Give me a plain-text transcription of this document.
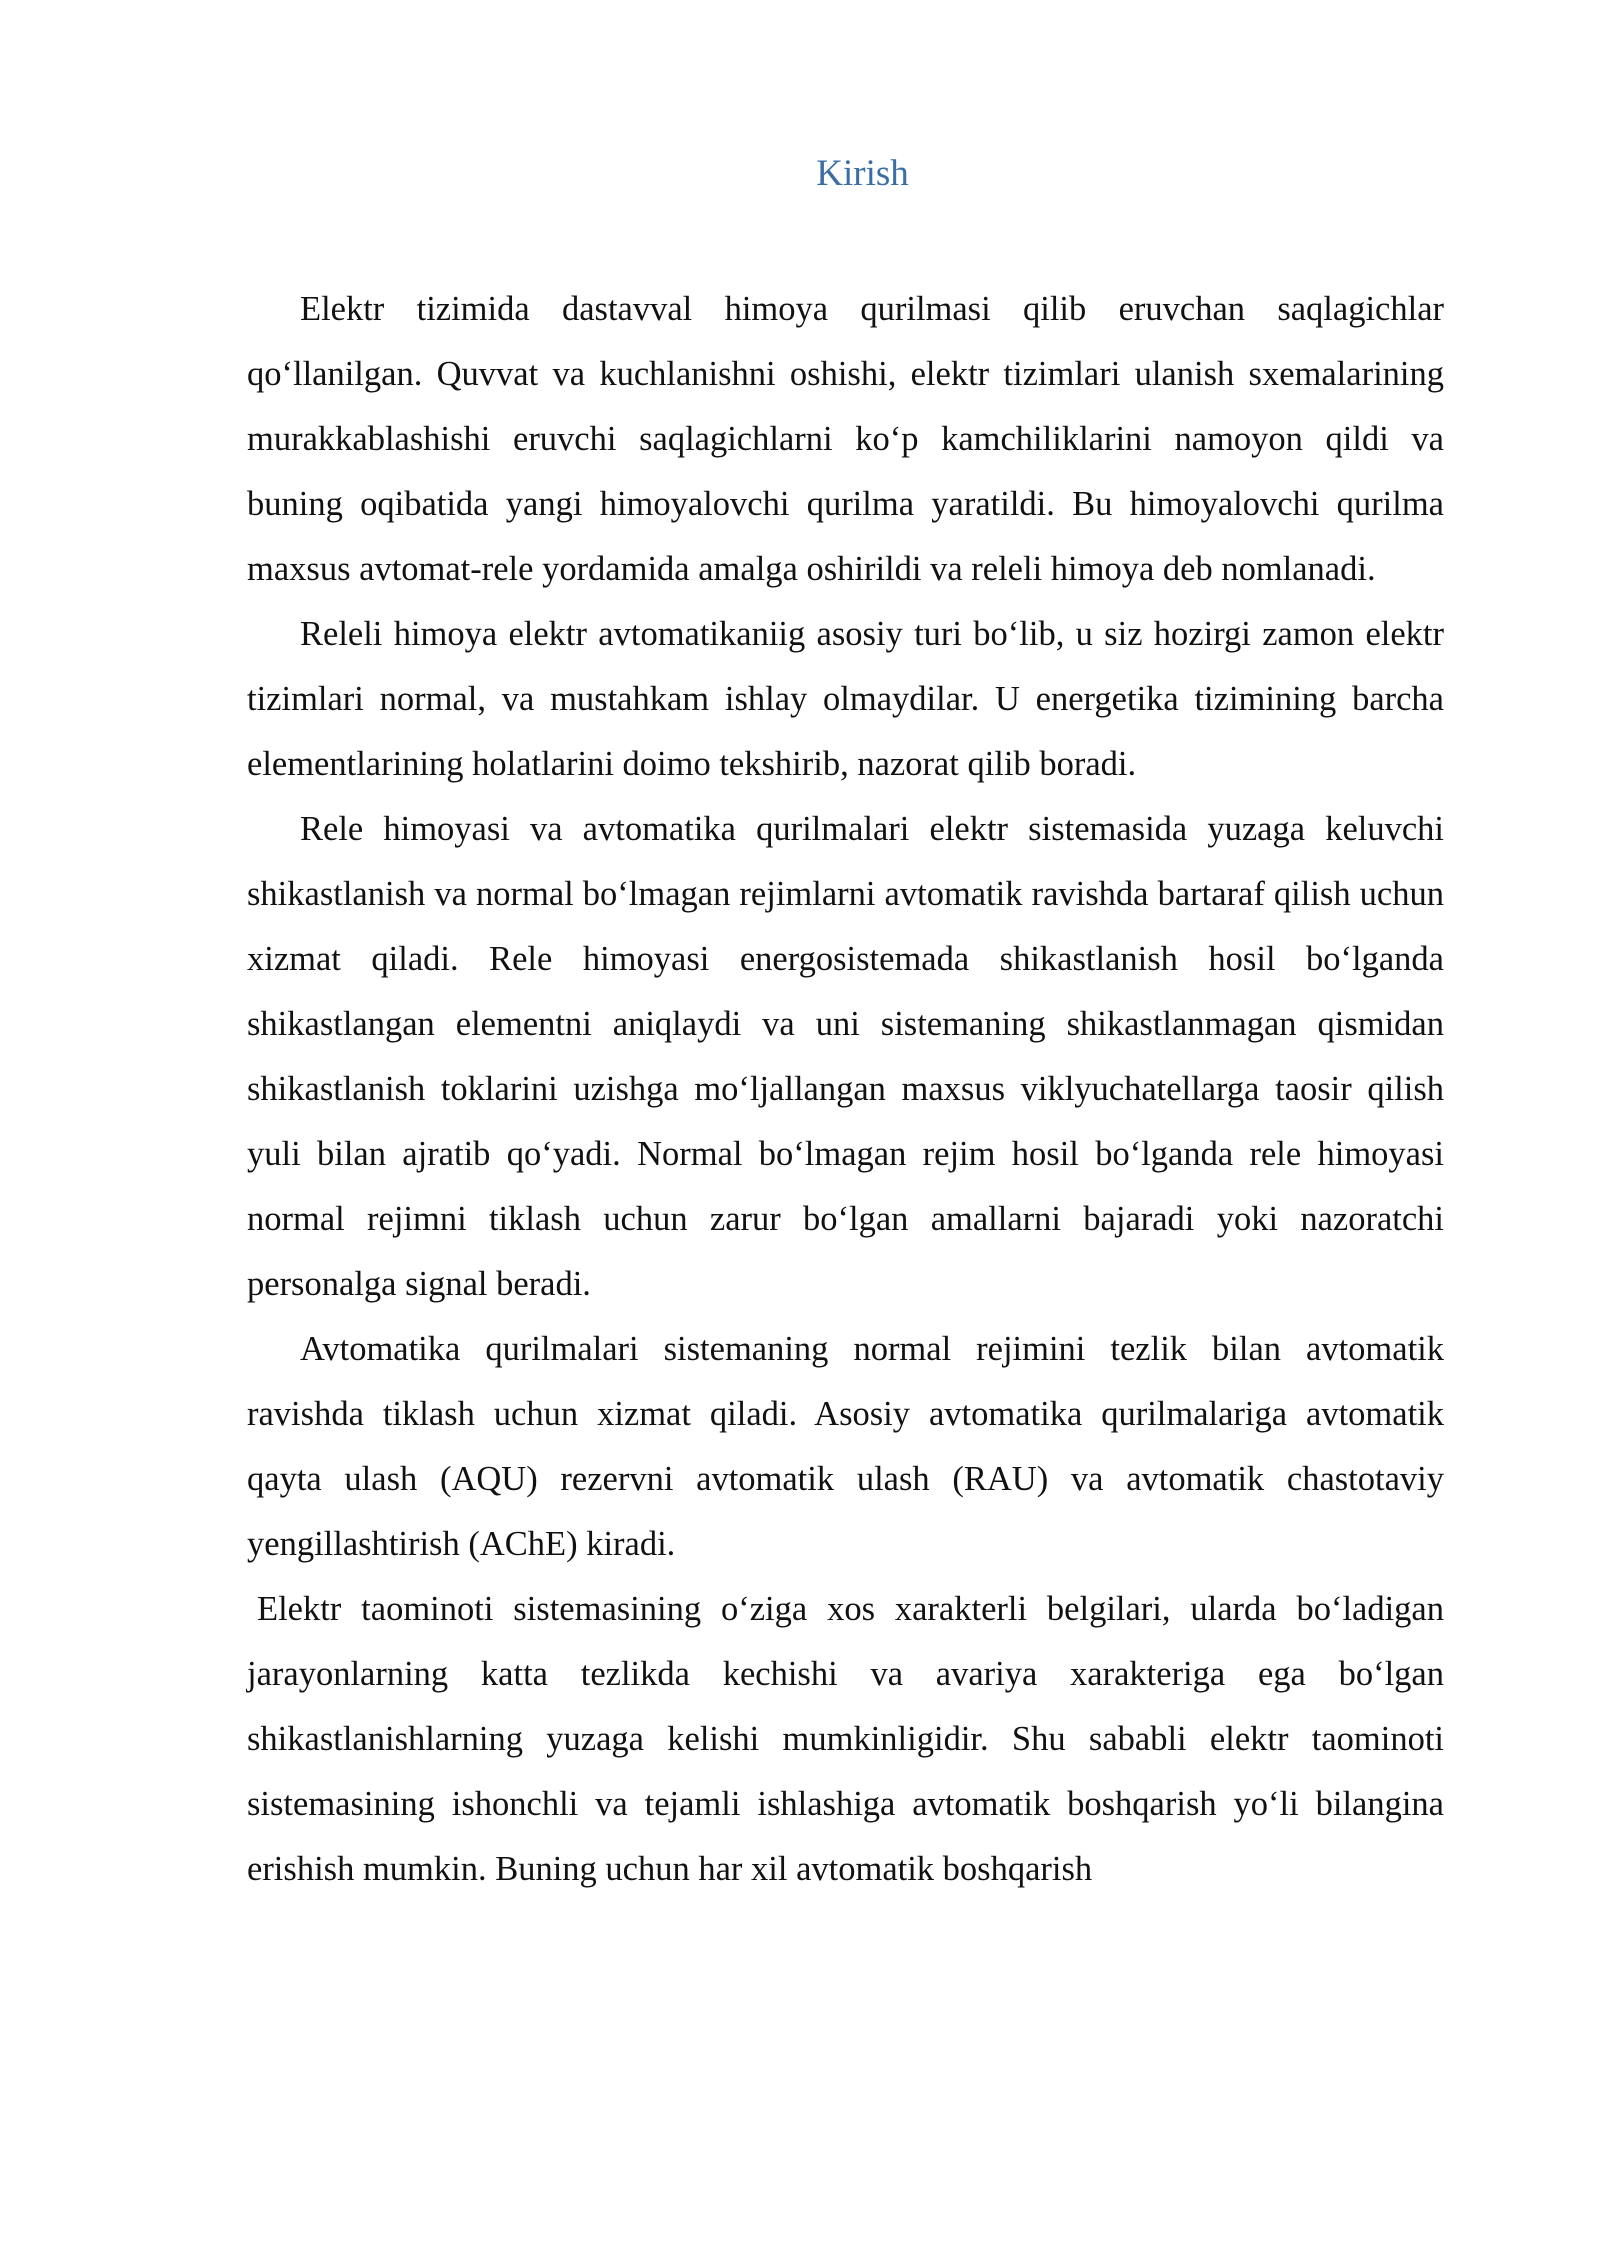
Kirish

Elektr tizimida dastavval himoya qurilmasi qilib eruvchan saqlagichlar qo‘llanilgan. Quvvat va kuchlanishni oshishi, elektr tizimlari ulanish sxemalarining murakkablashishi eruvchi saqlagichlarni ko‘p kamchiliklarini namoyon qildi va buning oqibatida yangi himoyalovchi qurilma yaratildi. Bu himoyalovchi qurilma maxsus avtomat-rele yordamida amalga oshirildi va releli himoya deb nomlanadi.

Releli himoya elektr avtomatikaniig asosiy turi bo‘lib, u siz hozirgi zamon elektr tizimlari normal, va mustahkam ishlay olmaydilar. U energetika tizimining barcha elementlarining holatlarini doimo tekshirib, nazorat qilib boradi.

Rele himoyasi va avtomatika qurilmalari elektr sistemasida yuzaga keluvchi shikastlanish va normal bo‘lmagan rejimlarni avtomatik ravishda bartaraf qilish uchun xizmat qiladi. Rele himoyasi energosistemada shikastlanish hosil bo‘lganda shikastlangan elementni aniqlaydi va uni sistemaning shikastlanmagan qismidan shikastlanish toklarini uzishga mo‘ljallangan maxsus viklyuchatellarga taosir qilish yuli bilan ajratib qo‘yadi. Normal bo‘lmagan rejim hosil bo‘lganda rele himoyasi normal rejimni tiklash uchun zarur bo‘lgan amallarni bajaradi yoki nazoratchi personalga signal beradi.

Avtomatika qurilmalari sistemaning normal rejimini tezlik bilan avtomatik ravishda tiklash uchun xizmat qiladi. Asosiy avtomatika qurilmalariga avtomatik qayta ulash (AQU) rezervni avtomatik ulash (RAU) va avtomatik chastotaviy yengillashtirish (AChE) kiradi.

Elektr taominoti sistemasining o‘ziga xos xarakterli belgilari, ularda bo‘ladigan jarayonlarning katta tezlikda kechishi va avariya xarakteriga ega bo‘lgan shikastlanishlarning yuzaga kelishi mumkinligidir. Shu sababli elektr taominoti sistemasining ishonchli va tejamli ishlashiga avtomatik boshqarish yo‘li bilangina erishish mumkin. Buning uchun har xil avtomatik boshqarish
